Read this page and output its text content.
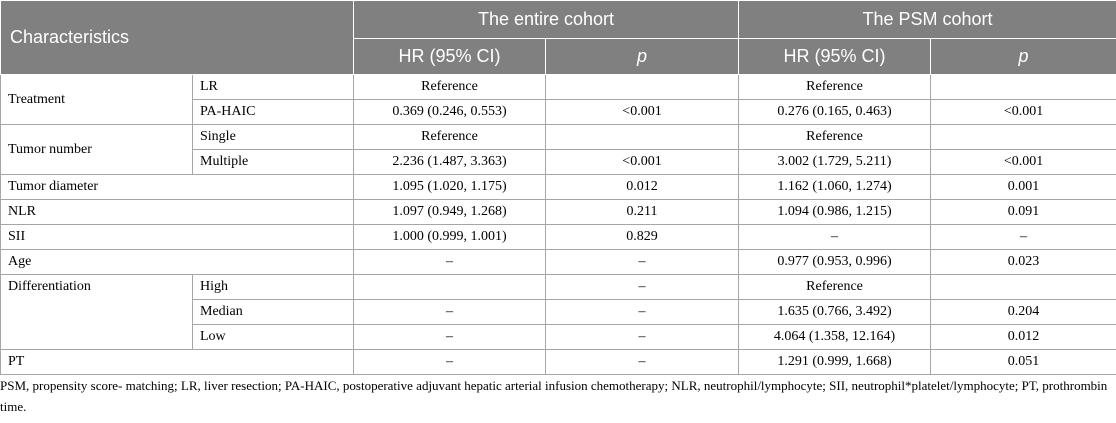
Characteristics		The entire cohort		The PSM cohort	
		HR (95% CI)	p	HR (95% CI)	p
Treatment	LR	Reference		Reference	
	PA-HAIC	0.369 (0.246, 0.553)	<0.001	0.276 (0.165, 0.463)	<0.001
Tumor number	Single	Reference		Reference	
	Multiple	2.236 (1.487, 3.363)	<0.001	3.002 (1.729, 5.211)	<0.001
Tumor diameter		1.095 (1.020, 1.175)	0.012	1.162 (1.060, 1.274)	0.001
NLR		1.097 (0.949, 1.268)	0.211	1.094 (0.986, 1.215)	0.091
SII		1.000 (0.999, 1.001)	0.829	–	–
Age		–	–	0.977 (0.953, 0.996)	0.023
Differentiation	High		–	Reference	
	Median	–	–	1.635 (0.766, 3.492)	0.204
	Low	–	–	4.064 (1.358, 12.164)	0.012
PT		–	–	1.291 (0.999, 1.668)	0.051
PSM, propensity score- matching; LR, liver resection; PA-HAIC, postoperative adjuvant hepatic arterial infusion chemotherapy; NLR, neutrophil/lymphocyte; SII, neutrophil*platelet/lymphocyte; PT, prothrombin time.
